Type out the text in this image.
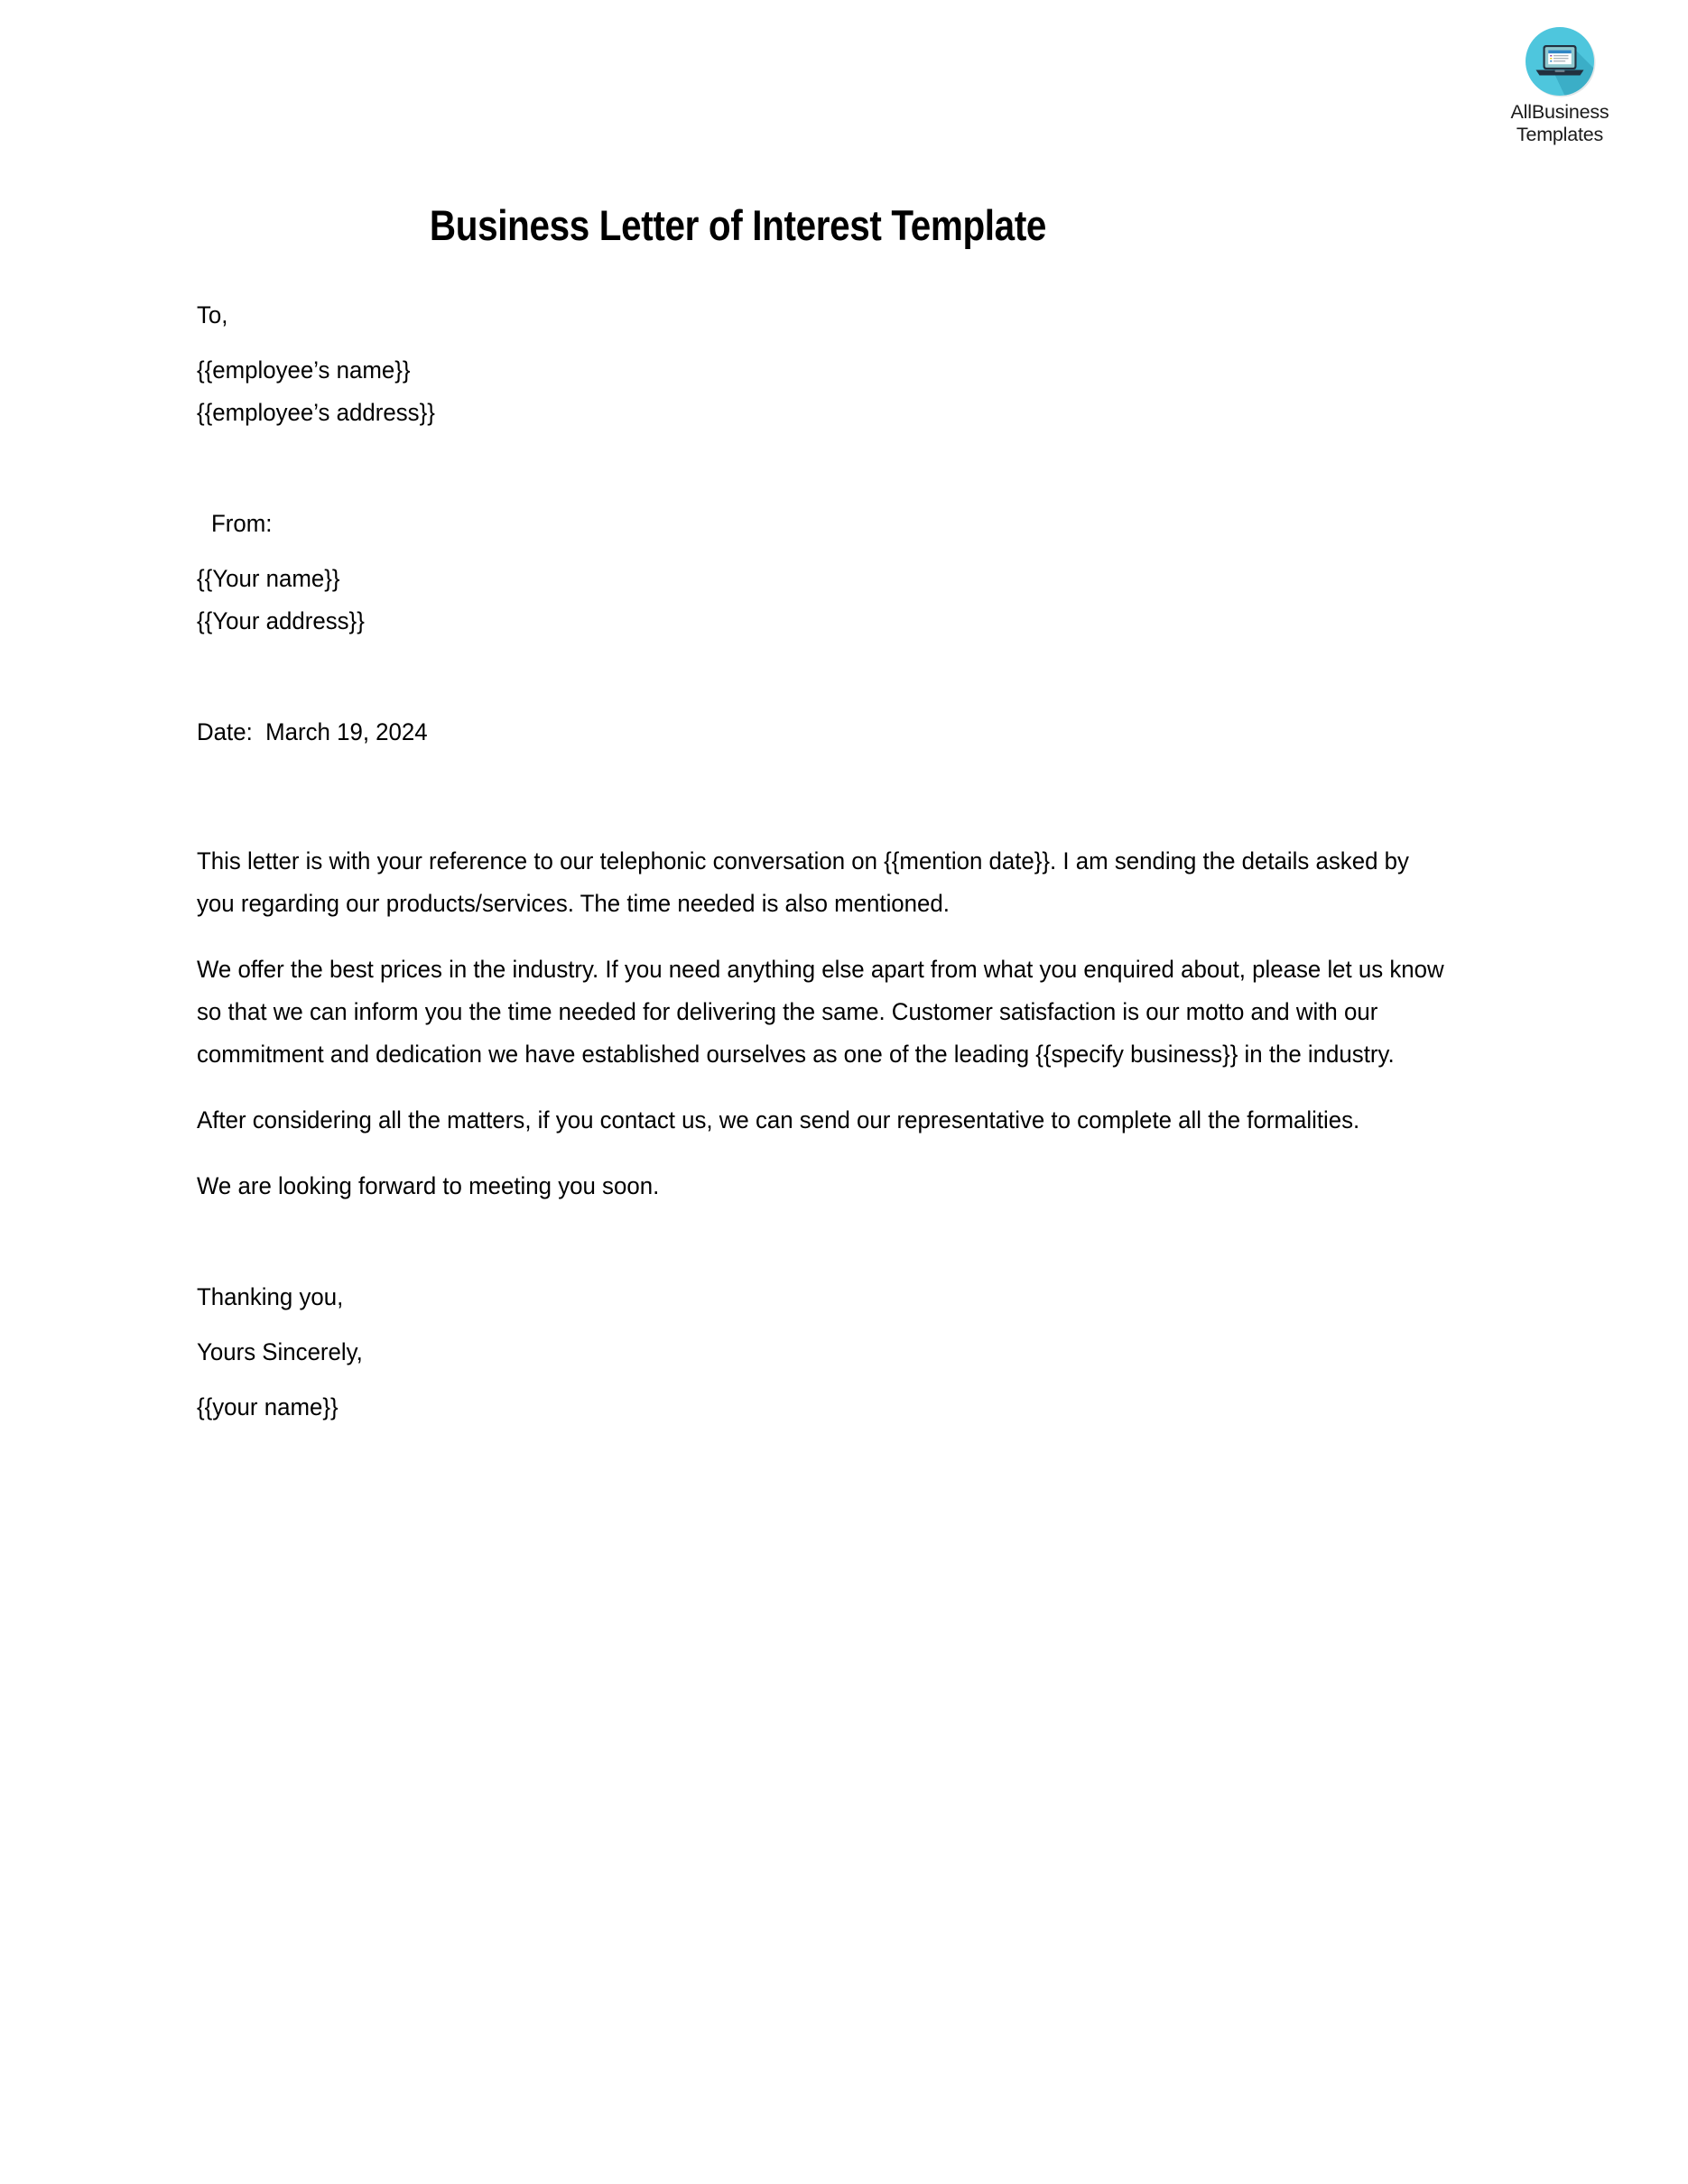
AllBusiness
Templates
Business Letter of Interest Template
To,
{{employee’s name}}
{{employee’s address}}
From:
{{Your name}}
{{Your address}}
Date:  March 19, 2024

This letter is with your reference to our telephonic conversation on {{mention date}}. I am sending the details asked by you regarding our products/services. The time needed is also mentioned.

We offer the best prices in the industry. If you need anything else apart from what you enquired about, please let us know so that we can inform you the time needed for delivering the same. Customer satisfaction is our motto and with our commitment and dedication we have established ourselves as one of the leading {{specify business}} in the industry.

After considering all the matters, if you contact us, we can send our representative to complete all the formalities.

We are looking forward to meeting you soon.

Thanking you,
Yours Sincerely,
{{your name}}
